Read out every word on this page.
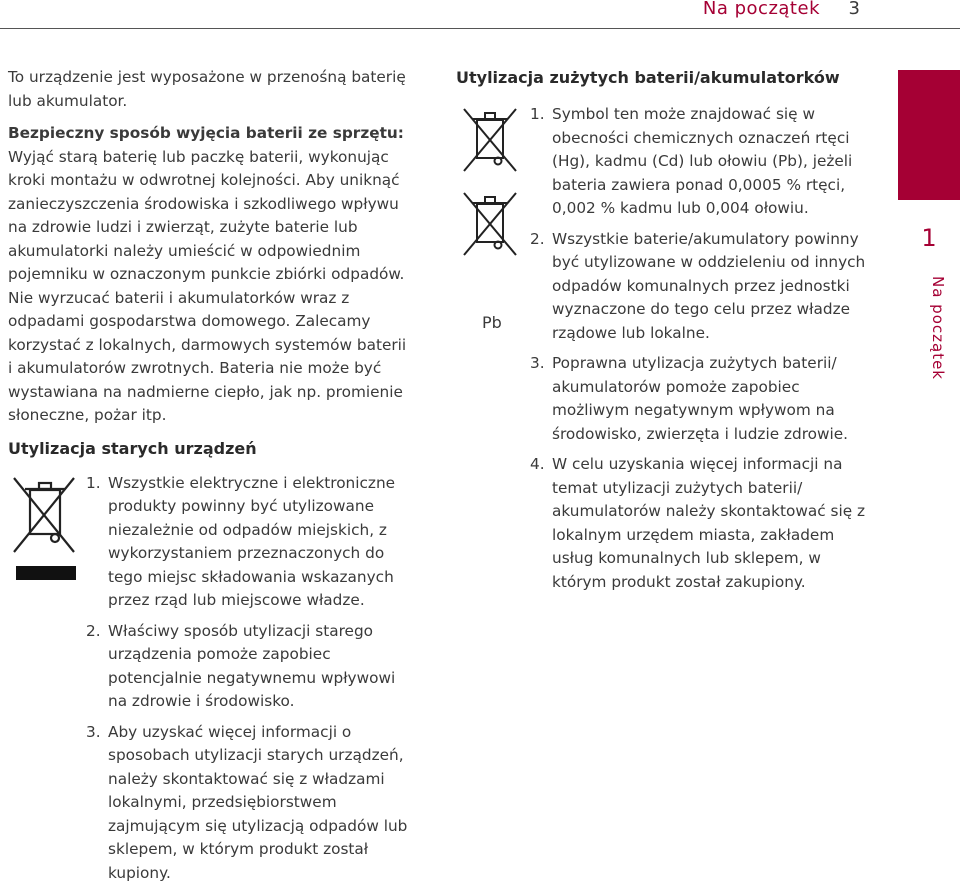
Na początek 3

To urządzenie jest wyposażone w przenośną baterię lub akumulator.

Bezpieczny sposób wyjęcia baterii ze sprzętu:

Wyjąć starą baterię lub paczkę baterii, wykonując kroki montażu w odwrotnej kolejności. Aby uniknąć zanieczyszczenia środowiska i szkodliwego wpływu na zdrowie ludzi i zwierząt, zużyte baterie lub akumulatorki należy umieścić w odpowiednim pojemniku w oznaczonym punkcie zbiórki odpadów. Nie wyrzucać baterii i akumulatorków wraz z odpadami gospodarstwa domowego. Zalecamy korzystać z lokalnych, darmowych systemów baterii i akumulatorów zwrotnych. Bateria nie może być wystawiana na nadmierne ciepło, jak np. promienie słoneczne, pożar itp.

Utylizacja starych urządzeń
1. Wszystkie elektryczne i elektroniczne produkty powinny być utylizowane niezależnie od odpadów miejskich, z wykorzystaniem przeznaczonych do tego miejsc składowania wskazanych przez rząd lub miejscowe władze.
2. Właściwy sposób utylizacji starego urządzenia pomoże zapobiec potencjalnie negatywnemu wpływowi na zdrowie i środowisko.
3. Aby uzyskać więcej informacji o sposobach utylizacji starych urządzeń, należy skontaktować się z władzami lokalnymi, przedsiębiorstwem zajmującym się utylizacją odpadów lub sklepem, w którym produkt został kupiony.
Utylizacja zużytych baterii/akumulatorków
Pb
1. Symbol ten może znajdować się w obecności chemicznych oznaczeń rtęci (Hg), kadmu (Cd) lub ołowiu (Pb), jeżeli bateria zawiera ponad 0,0005 % rtęci, 0,002 % kadmu lub 0,004 ołowiu.
2. Wszystkie baterie/akumulatory powinny być utylizowane w oddzieleniu od innych odpadów komunalnych przez jednostki wyznaczone do tego celu przez władze rządowe lub lokalne.
3. Poprawna utylizacja zużytych baterii/ akumulatorów pomoże zapobiec możliwym negatywnym wpływom na środowisko, zwierzęta i ludzie zdrowie.
4. W celu uzyskania więcej informacji na temat utylizacji zużytych baterii/ akumulatorów należy skontaktować się z lokalnym urzędem miasta, zakładem usług komunalnych lub sklepem, w którym produkt został zakupiony.
1
Na początek
